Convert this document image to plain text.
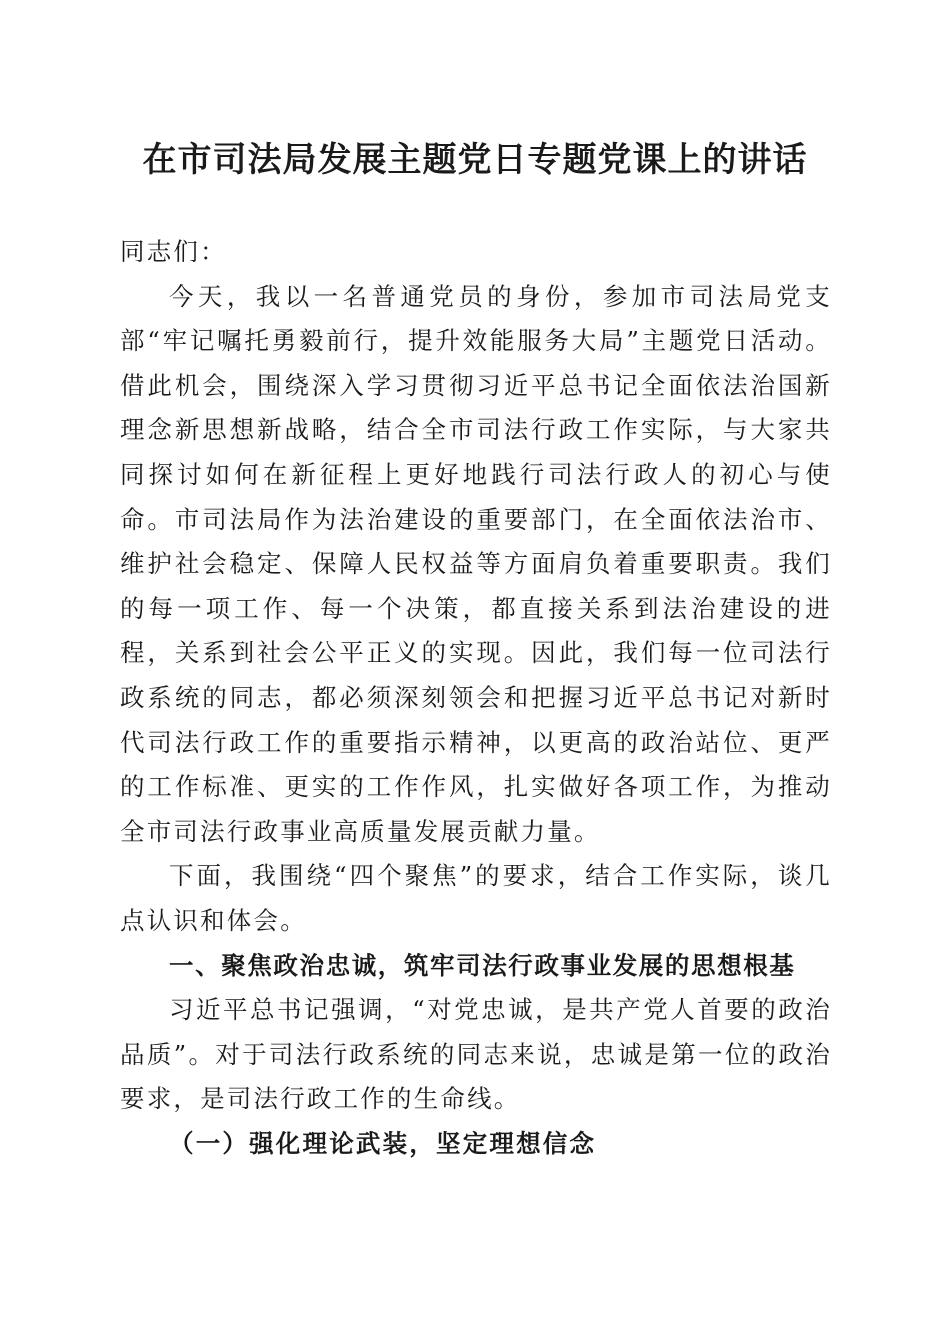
在市司法局发展主题党日专题党课上的讲话

同志们：

今天，我以一名普通党员的身份，参加市司法局党支部“牢记嘱托勇毅前行，提升效能服务大局”主题党日活动。借此机会，围绕深入学习贯彻习近平总书记全面依法治国新理念新思想新战略，结合全市司法行政工作实际，与大家共同探讨如何在新征程上更好地践行司法行政人的初心与使命。市司法局作为法治建设的重要部门，在全面依法治市、维护社会稳定、保障人民权益等方面肩负着重要职责。我们的每一项工作、每一个决策，都直接关系到法治建设的进程，关系到社会公平正义的实现。因此，我们每一位司法行政系统的同志，都必须深刻领会和把握习近平总书记对新时代司法行政工作的重要指示精神，以更高的政治站位、更严的工作标准、更实的工作作风，扎实做好各项工作，为推动全市司法行政事业高质量发展贡献力量。

下面，我围绕“四个聚焦”的要求，结合工作实际，谈几点认识和体会。

一、聚焦政治忠诚，筑牢司法行政事业发展的思想根基

习近平总书记强调，“对党忠诚，是共产党人首要的政治品质”。对于司法行政系统的同志来说，忠诚是第一位的政治要求，是司法行政工作的生命线。

（一）强化理论武装，坚定理想信念
